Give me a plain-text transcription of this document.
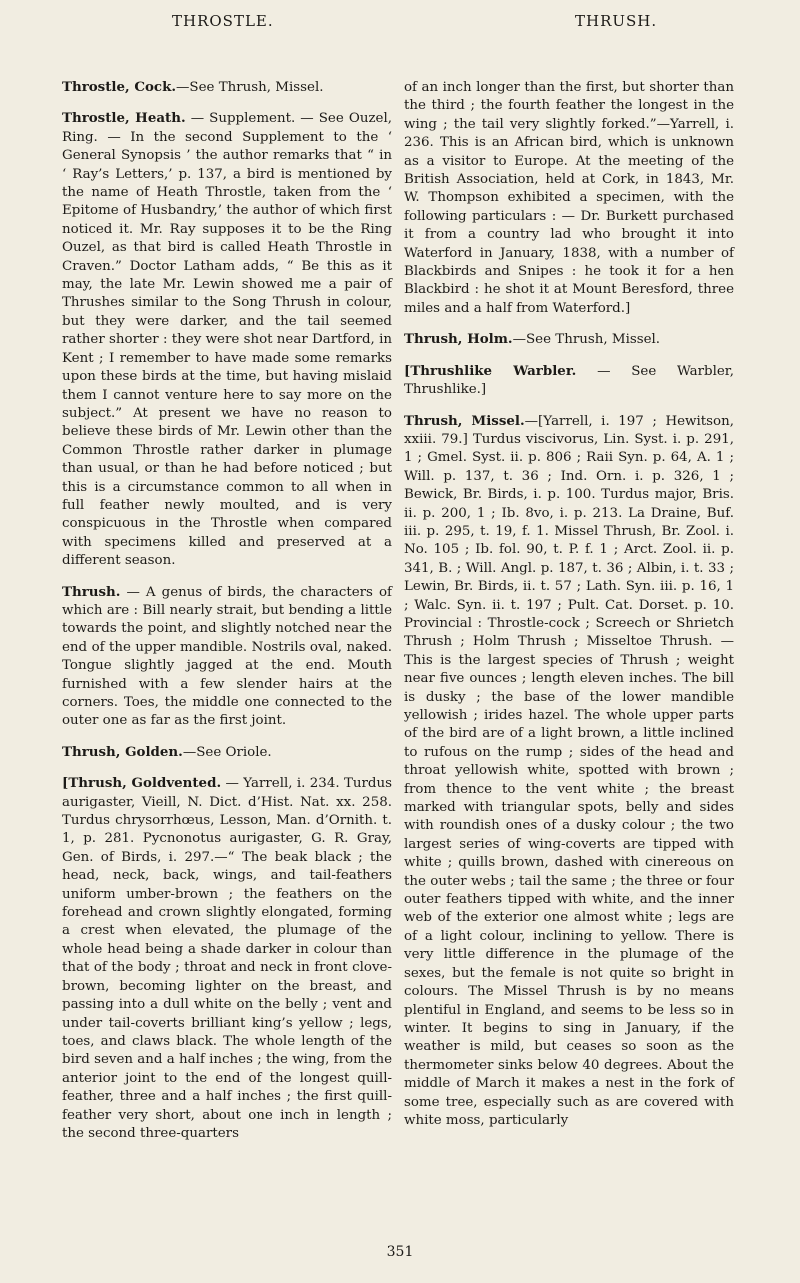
THROSTLE.	THRUSH.

Throstle, Cock.—See Thrush, Missel.

Throstle, Heath. — Supplement. — See Ouzel, Ring. — In the second Supplement to the ‘ General Synopsis ’ the author remarks that “ in ‘ Ray’s Letters,’ p. 137, a bird is mentioned by the name of Heath Throstle, taken from the ‘ Epitome of Husbandry,’ the author of which first noticed it. Mr. Ray supposes it to be the Ring Ouzel, as that bird is called Heath Throstle in Craven.” Doctor Latham adds, “ Be this as it may, the late Mr. Lewin showed me a pair of Thrushes similar to the Song Thrush in colour, but they were darker, and the tail seemed rather shorter : they were shot near Dartford, in Kent ; I remember to have made some remarks upon these birds at the time, but having mislaid them I cannot venture here to say more on the subject.” At present we have no reason to believe these birds of Mr. Lewin other than the Common Throstle rather darker in plumage than usual, or than he had before noticed ; but this is a circumstance common to all when in full feather newly moulted, and is very conspicuous in the Throstle when compared with specimens killed and preserved at a different season.

Thrush. — A genus of birds, the characters of which are : Bill nearly strait, but bending a little towards the point, and slightly notched near the end of the upper mandible. Nostrils oval, naked. Tongue slightly jagged at the end. Mouth furnished with a few slender hairs at the corners. Toes, the middle one connected to the outer one as far as the first joint.

Thrush, Golden.—See Oriole.

[Thrush, Goldvented. — Yarrell, i. 234. Turdus aurigaster, Vieill, N. Dict. d’Hist. Nat. xx. 258. Turdus chrysorrhœus, Lesson, Man. d’Ornith. t. 1, p. 281. Pycnonotus aurigaster, G. R. Gray, Gen. of Birds, i. 297.—“ The beak black ; the head, neck, back, wings, and tail-feathers uniform umber-brown ; the feathers on the forehead and crown slightly elongated, forming a crest when elevated, the plumage of the whole head being a shade darker in colour than that of the body ; throat and neck in front clove-brown, becoming lighter on the breast, and passing into a dull white on the belly ; vent and under tail-coverts brilliant king’s yellow ; legs, toes, and claws black. The whole length of the bird seven and a half inches ; the wing, from the anterior joint to the end of the longest quill-feather, three and a half inches ; the first quill-feather very short, about one inch in length ; the second three-quarters

of an inch longer than the first, but shorter than the third ; the fourth feather the longest in the wing ; the tail very slightly forked.”—Yarrell, i. 236. This is an African bird, which is unknown as a visitor to Europe. At the meeting of the British Association, held at Cork, in 1843, Mr. W. Thompson exhibited a specimen, with the following particulars : — Dr. Burkett purchased it from a country lad who brought it into Waterford in January, 1838, with a number of Blackbirds and Snipes : he took it for a hen Blackbird : he shot it at Mount Beresford, three miles and a half from Waterford.]

Thrush, Holm.—See Thrush, Missel.

[Thrushlike Warbler. — See Warbler, Thrushlike.]

Thrush, Missel.—[Yarrell, i. 197 ; Hewitson, xxiii. 79.] Turdus viscivorus, Lin. Syst. i. p. 291, 1 ; Gmel. Syst. ii. p. 806 ; Raii Syn. p. 64, A. 1 ; Will. p. 137, t. 36 ; Ind. Orn. i. p. 326, 1 ; Bewick, Br. Birds, i. p. 100. Turdus major, Bris. ii. p. 200, 1 ; Ib. 8vo, i. p. 213. La Draine, Buf. iii. p. 295, t. 19, f. 1. Missel Thrush, Br. Zool. i. No. 105 ; Ib. fol. 90, t. P. f. 1 ; Arct. Zool. ii. p. 341, B. ; Will. Angl. p. 187, t. 36 ; Albin, i. t. 33 ; Lewin, Br. Birds, ii. t. 57 ; Lath. Syn. iii. p. 16, 1 ; Walc. Syn. ii. t. 197 ; Pult. Cat. Dorset. p. 10. Provincial : Throstle-cock ; Screech or Shrietch Thrush ; Holm Thrush ; Misseltoe Thrush. — This is the largest species of Thrush ; weight near five ounces ; length eleven inches. The bill is dusky ; the base of the lower mandible yellowish ; irides hazel. The whole upper parts of the bird are of a light brown, a little inclined to rufous on the rump ; sides of the head and throat yellowish white, spotted with brown ; from thence to the vent white ; the breast marked with triangular spots, belly and sides with roundish ones of a dusky colour ; the two largest series of wing-coverts are tipped with white ; quills brown, dashed with cinereous on the outer webs ; tail the same ; the three or four outer feathers tipped with white, and the inner web of the exterior one almost white ; legs are of a light colour, inclining to yellow. There is very little difference in the plumage of the sexes, but the female is not quite so bright in colours. The Missel Thrush is by no means plentiful in England, and seems to be less so in winter. It begins to sing in January, if the weather is mild, but ceases so soon as the thermometer sinks below 40 degrees. About the middle of March it makes a nest in the fork of some tree, especially such as are covered with white moss, particularly

351
